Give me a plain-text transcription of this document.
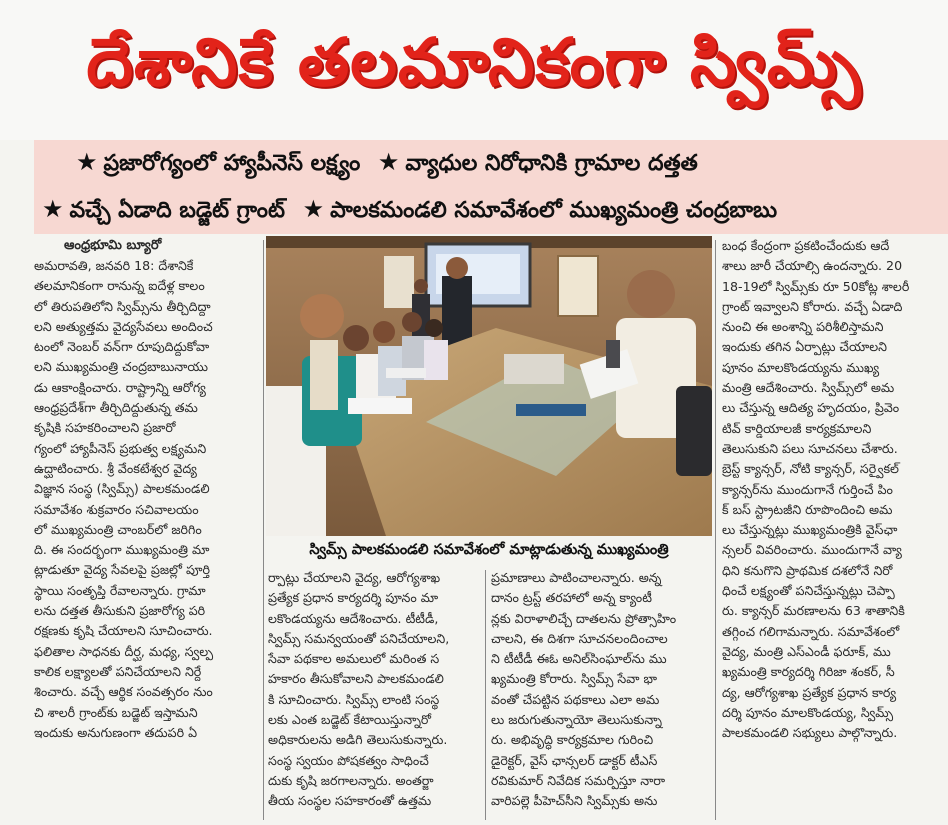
దేశానికే తలమానికంగా స్విమ్స్
★ ప్రజారోగ్యంలో హ్యాపీనెస్ లక్ష్యం ★ వ్యాధుల నిరోధానికి గ్రామాల దత్తత
★ వచ్చే ఏడాది బడ్జెట్ గ్రాంట్ ★ పాలకమండలి సమావేశంలో ముఖ్యమంత్రి చంద్రబాబు

ఆంధ్రభూమి బ్యూరో

అమరావతి, జనవరి 18: దేశానికే

తలమానికంగా రానున్న ఐదేళ్ల కాలం

లో తిరుపతిలోని స్విమ్స్‌ను తీర్చిదిద్దా

లని అత్యుత్తమ వైద్యసేవలు అందించ

టంలో నెంబర్ వన్‌గా రూపుదిద్దుకోవా

లని ముఖ్యమంత్రి చంద్రబాబునాయు

డు ఆకాంక్షించారు. రాష్ట్రాన్ని ఆరోగ్య

ఆంధ్రప్రదేశ్‌గా తీర్చిదిద్దుతున్న తమ

కృషికి సహకరించాలని ప్రజారో

గ్యంలో హ్యాపీనెస్ ప్రభుత్వ లక్ష్యమని

ఉద్ఘాటించారు. శ్రీ వేంకటేశ్వర వైద్య

విజ్ఞాన సంస్థ (స్విమ్స్) పాలకమండలి

సమావేశం శుక్రవారం సచివాలయం

లో ముఖ్యమంత్రి చాంబర్‌లో జరిగిం

ది. ఈ సందర్భంగా ముఖ్యమంత్రి మా

ట్లాడుతూ వైద్య సేవలపై ప్రజల్లో పూర్తి

స్థాయి సంతృప్తి రేవాలన్నారు. గ్రామా

లను దత్తత తీసుకుని ప్రజారోగ్య పరి

రక్షణకు కృషి చేయాలని సూచించారు.

ఫలితాల సాధనకు దీర్ఘ, మధ్య, స్వల్ప

కాలిక లక్ష్యాలతో పనిచేయాలని నిర్దే

శించారు. వచ్చే ఆర్థిక సంవత్సరం నుం

చి శాలరీ గ్రాంట్‌కు బడ్జెట్ ఇస్తామని

ఇందుకు అనుగుణంగా తదుపరి ఏ

స్విమ్స్ పాలకమండలి సమావేశంలో మాట్లాడుతున్న ముఖ్యమంత్రి

ర్పాట్లు చేయాలని వైద్య, ఆరోగ్యశాఖ

ప్రత్యేక ప్రధాన కార్యదర్శి పూనం మా

లకొండయ్యను ఆదేశించారు. టీటీడీ,

స్విమ్స్ సమన్వయంతో పనిచేయాలని,

సేవా పథకాల అమలులో మరింత స

హకారం తీసుకోవాలని పాలకమండలి

కి సూచించారు. స్విమ్స్ లాంటి సంస్థ

లకు ఎంత బడ్జెట్ కేటాయిస్తున్నారో

అధికారులను అడిగి తెలుసుకున్నారు.

సంస్థ స్వయం పోషకత్వం సాధించే

దుకు కృషి జరగాలన్నారు. అంతర్జా

తీయ సంస్థల సహకారంతో ఉత్తమ

ప్రమాణాలు పాటించాలన్నారు. అన్న

దానం ట్రస్ట్ తరహాలో అన్న క్యాంటీ

న్లకు విరాళాలిచ్చే దాతలను ప్రోత్సాహిం

చాలని, ఈ దిశగా సూచనలందించాల

ని టీటీడీ ఈఓ అనిల్‌సింఘాల్‌ను ము

ఖ్యమంత్రి కోరారు. స్విమ్స్ సేవా భా

వంతో చేపట్టిన పథకాలు ఎలా అమ

లు జరుగుతున్నాయో తెలుసుకున్నా

రు. అభివృద్ధి కార్యక్రమాల గురించి

డైరెక్టర్, వైస్ ఛాన్సలర్ డాక్టర్ టీఎస్

రవికుమార్ నివేదిక సమర్పిస్తూ నారా

వారిపల్లె పీహెచ్‌సీని స్విమ్స్‌కు అను

బంధ కేంద్రంగా ప్రకటించేందుకు ఆదే

శాలు జారీ చేయాల్సి ఉందన్నారు. 20

18-19లో స్విమ్స్‌కు రూ 50కోట్ల శాలరీ

గ్రాంట్ ఇవ్వాలని కోరారు. వచ్చే ఏడాది

నుంచి ఈ అంశాన్ని పరిశీలిస్తామని

ఇందుకు తగిన ఏర్పాట్లు చేయాలని

పూనం మాలకొండయ్యను ముఖ్య

మంత్రి ఆదేశించారు. స్విమ్స్‌లో అమ

లు చేస్తున్న ఆదిత్య హృదయం, ప్రివెం

టివ్ కార్డియాలజీ కార్యక్రమాలని

తెలుసుకుని పలు సూచనలు చేశారు.

బ్రెస్ట్ క్యాన్సర్, నోటి క్యాన్సర్, సర్వైకల్

క్యాన్సర్‌ను ముందుగానే గుర్తించే పిం

క్ బస్ స్ట్రాటజీని రూపొందించి అమ

లు చేస్తున్నట్లు ముఖ్యమంత్రికి వైస్‌ఛా

న్సలర్ వివరించారు. ముందుగానే వ్యా

ధిని కనుగొని ప్రాథమిక దశలోనే నిరో

ధించే లక్ష్యంతో పనిచేస్తున్నట్లు చెప్పా

రు. క్యాన్సర్ మరణాలను 63 శాతానికి

తగ్గించ గలిగామన్నారు. సమావేశంలో

వైద్య, మంత్రి ఎస్‌ఎండీ ఫరూక్, ము

ఖ్యమంత్రి కార్యదర్శి గిరిజా శంకర్, సీ

ద్య, ఆరోగ్యశాఖ ప్రత్యేక ప్రధాన కార్య

దర్శి పూనం మాలకొండయ్య, స్విమ్స్

పాలకమండలి సభ్యులు పాల్గొన్నారు.
